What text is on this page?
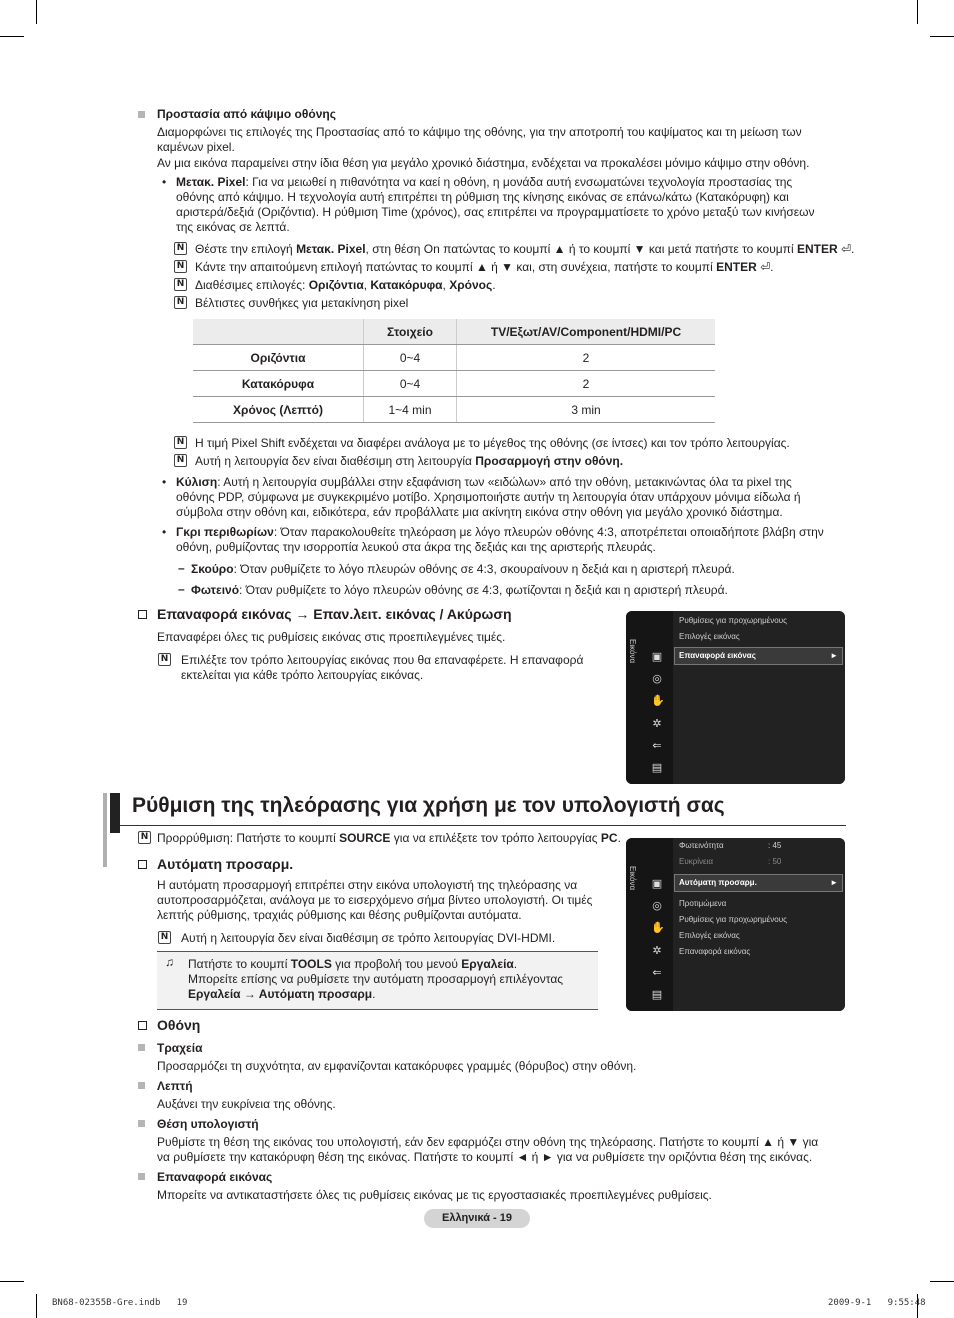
Προστασία από κάψιμο οθόνης
Διαμορφώνει τις επιλογές της Προστασίας από το κάψιμο της οθόνης, για την αποτροπή του καψίματος και τη μείωση των
καμένων pixel.
Αν μια εικόνα παραμείνει στην ίδια θέση για μεγάλο χρονικό διάστημα, ενδέχεται να προκαλέσει μόνιμο κάψιμο στην οθόνη.
• Μετακ. Pixel: Για να μειωθεί η πιθανότητα να καεί η οθόνη, η μονάδα αυτή ενσωματώνει τεχνολογία προστασίας της
οθόνης από κάψιμο. Η τεχνολογία αυτή επιτρέπει τη ρύθμιση της κίνησης εικόνας σε επάνω/κάτω (Κατακόρυφη) και
αριστερά/δεξιά (Οριζόντια). Η ρύθμιση Time (χρόνος), σας επιτρέπει να προγραμματίσετε το χρόνο μεταξύ των κινήσεων
της εικόνας σε λεπτά.
N Θέστε την επιλογή Μετακ. Pixel, στη θέση On πατώντας το κουμπί ▲ ή το κουμπί ▼ και μετά πατήστε το κουμπί ENTER ⏎.
N Κάντε την απαιτούμενη επιλογή πατώντας το κουμπί ▲ ή ▼ και, στη συνέχεια, πατήστε το κουμπί ENTER ⏎.
N Διαθέσιμες επιλογές: Οριζόντια, Κατακόρυφα, Χρόνος.
N Βέλτιστες συνθήκες για μετακίνηση pixel
	Στοιχείο	TV/Εξωτ/AV/Component/HDMI/PC
Οριζόντια	0~4	2
Κατακόρυφα	0~4	2
Χρόνος (Λεπτό)	1~4 min	3 min
N Η τιμή Pixel Shift ενδέχεται να διαφέρει ανάλογα με το μέγεθος της οθόνης (σε ίντσες) και τον τρόπο λειτουργίας.
N Αυτή η λειτουργία δεν είναι διαθέσιμη στη λειτουργία Προσαρμογή στην οθόνη.
• Κύλιση: Αυτή η λειτουργία συμβάλλει στην εξαφάνιση των «ειδώλων» από την οθόνη, μετακινώντας όλα τα pixel της
οθόνης PDP, σύμφωνα με συγκεκριμένο μοτίβο. Χρησιμοποιήστε αυτήν τη λειτουργία όταν υπάρχουν μόνιμα είδωλα ή
σύμβολα στην οθόνη και, ειδικότερα, εάν προβάλλατε μια ακίνητη εικόνα στην οθόνη για μεγάλο χρονικό διάστημα.
• Γκρι περιθωρίων: Όταν παρακολουθείτε τηλεόραση με λόγο πλευρών οθόνης 4:3, αποτρέπεται οποιαδήποτε βλάβη στην
οθόνη, ρυθμίζοντας την ισορροπία λευκού στα άκρα της δεξιάς και της αριστερής πλευράς.
– Σκούρο: Όταν ρυθμίζετε το λόγο πλευρών οθόνης σε 4:3, σκουραίνουν η δεξιά και η αριστερή πλευρά.
– Φωτεινό: Όταν ρυθμίζετε το λόγο πλευρών οθόνης σε 4:3, φωτίζονται η δεξιά και η αριστερή πλευρά.
Επαναφορά εικόνας → Επαν.λειτ. εικόνας / Ακύρωση
Επαναφέρει όλες τις ρυθμίσεις εικόνας στις προεπιλεγμένες τιμές.
N Επιλέξτε τον τρόπο λειτουργίας εικόνας που θα επαναφέρετε. Η επαναφορά
εκτελείται για κάθε τρόπο λειτουργίας εικόνας.
Εικόνα ▣
◎
✋
✲
⇐
▤
Ρυθμίσεις για προχωρημένους
Επιλογές εικόνας
Επαναφορά εικόνας	►
Ρύθμιση της τηλεόρασης για χρήση με τον υπολογιστή σας
N Προρρύθμιση: Πατήστε το κουμπί SOURCE για να επιλέξετε τον τρόπο λειτουργίας PC.
Αυτόματη προσαρμ.
Η αυτόματη προσαρμογή επιτρέπει στην εικόνα υπολογιστή της τηλεόρασης να
αυτοπροσαρμόζεται, ανάλογα με το εισερχόμενο σήμα βίντεο υπολογιστή. Οι τιμές
λεπτής ρύθμισης, τραχιάς ρύθμισης και θέσης ρυθμίζονται αυτόματα.
N Αυτή η λειτουργία δεν είναι διαθέσιμη σε τρόπο λειτουργίας DVI-HDMI.
♫ Πατήστε το κουμπί TOOLS για προβολή του μενού Εργαλεία.
Μπορείτε επίσης να ρυθμίσετε την αυτόματη προσαρμογή επιλέγοντας
Εργαλεία → Αυτόματη προσαρμ.
Εικόνα ▣
◎
✋
✲
⇐
▤
Φωτεινότητα	: 45
Ευκρίνεια	: 50
Αυτόματη προσαρμ.	►
Προτιμώμενα
Ρυθμίσεις για προχωρημένους
Επιλογές εικόνας
Επαναφορά εικόνας
Οθόνη
Τραχεία
Προσαρμόζει τη συχνότητα, αν εμφανίζονται κατακόρυφες γραμμές (θόρυβος) στην οθόνη.
Λεπτή
Αυξάνει την ευκρίνεια της οθόνης.
Θέση υπολογιστή
Ρυθμίστε τη θέση της εικόνας του υπολογιστή, εάν δεν εφαρμόζει στην οθόνη της τηλεόρασης. Πατήστε το κουμπί ▲ ή ▼ για
να ρυθμίσετε την κατακόρυφη θέση της εικόνας. Πατήστε το κουμπί ◄ ή ► για να ρυθμίσετε την οριζόντια θέση της εικόνας.
Επαναφορά εικόνας
Μπορείτε να αντικαταστήσετε όλες τις ρυθμίσεις εικόνας με τις εργοστασιακές προεπιλεγμένες ρυθμίσεις.
Ελληνικά - 19
BN68-02355B-Gre.indb   19	2009-9-1   9:55:48
